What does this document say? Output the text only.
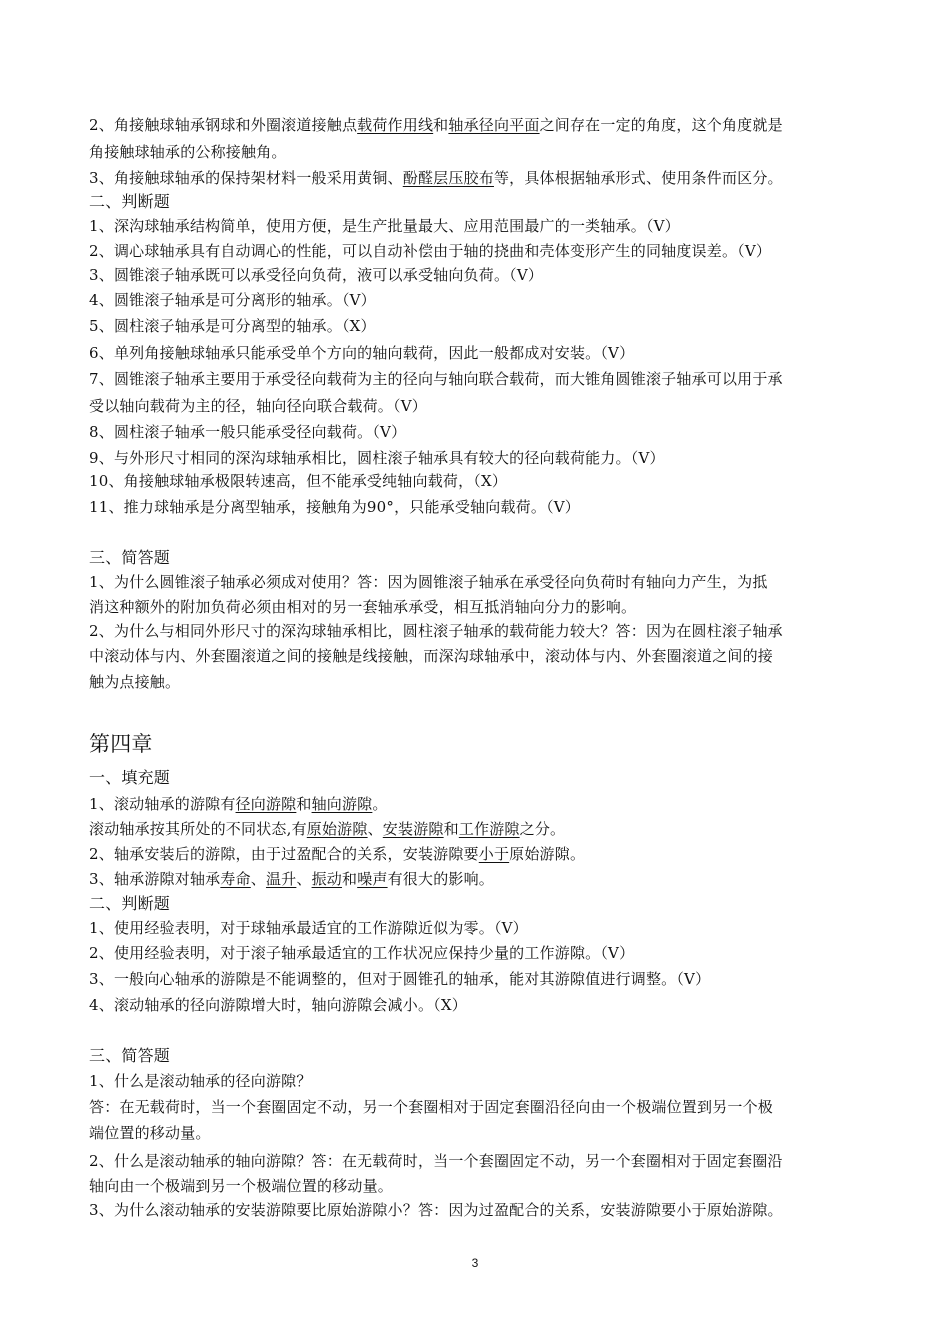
2、角接触球轴承钢球和外圈滚道接触点载荷作用线和轴承径向平面之间存在一定的角度，这个角度就是
角接触球轴承的公称接触角。
3、角接触球轴承的保持架材料一般采用黄铜、酚醛层压胶布等，具体根据轴承形式、使用条件而区分。
二、判断题
1、深沟球轴承结构简单，使用方便，是生产批量最大、应用范围最广的一类轴承。（V）
2、调心球轴承具有自动调心的性能，可以自动补偿由于轴的挠曲和壳体变形产生的同轴度误差。（V）
3、圆锥滚子轴承既可以承受径向负荷，液可以承受轴向负荷。（V）
4、圆锥滚子轴承是可分离形的轴承。（V）
5、圆柱滚子轴承是可分离型的轴承。（X）
6、单列角接触球轴承只能承受单个方向的轴向载荷，因此一般都成对安装。（V）
7、圆锥滚子轴承主要用于承受径向载荷为主的径向与轴向联合载荷，而大锥角圆锥滚子轴承可以用于承
受以轴向载荷为主的径，轴向径向联合载荷。（V）
8、圆柱滚子轴承一般只能承受径向载荷。（V）
9、与外形尺寸相同的深沟球轴承相比，圆柱滚子轴承具有较大的径向载荷能力。（V）
10、角接触球轴承极限转速高，但不能承受纯轴向载荷，（X）
11、推力球轴承是分离型轴承，接触角为90°，只能承受轴向载荷。（V）
三、简答题
1、为什么圆锥滚子轴承必须成对使用？答：因为圆锥滚子轴承在承受径向负荷时有轴向力产生，为抵
消这种额外的附加负荷必须由相对的另一套轴承承受，相互抵消轴向分力的影响。
2、为什么与相同外形尺寸的深沟球轴承相比，圆柱滚子轴承的载荷能力较大？答：因为在圆柱滚子轴承
中滚动体与内、外套圈滚道之间的接触是线接触，而深沟球轴承中，滚动体与内、外套圈滚道之间的接
触为点接触。
第四章
一、填充题
1、滚动轴承的游隙有径向游隙和轴向游隙。
滚动轴承按其所处的不同状态,有原始游隙、安装游隙和工作游隙之分。
2、轴承安装后的游隙，由于过盈配合的关系，安装游隙要小于原始游隙。
3、轴承游隙对轴承寿命、温升、振动和噪声有很大的影响。
二、判断题
1、使用经验表明，对于球轴承最适宜的工作游隙近似为零。（V）
2、使用经验表明，对于滚子轴承最适宜的工作状况应保持少量的工作游隙。（V）
3、一般向心轴承的游隙是不能调整的，但对于圆锥孔的轴承，能对其游隙值进行调整。（V）
4、滚动轴承的径向游隙增大时，轴向游隙会减小。（X）
三、简答题
1、什么是滚动轴承的径向游隙？
答：在无载荷时，当一个套圈固定不动，另一个套圈相对于固定套圈沿径向由一个极端位置到另一个极
端位置的移动量。
2、什么是滚动轴承的轴向游隙？答：在无载荷时，当一个套圈固定不动，另一个套圈相对于固定套圈沿
轴向由一个极端到另一个极端位置的移动量。
3、为什么滚动轴承的安装游隙要比原始游隙小？答：因为过盈配合的关系，安装游隙要小于原始游隙。
3
